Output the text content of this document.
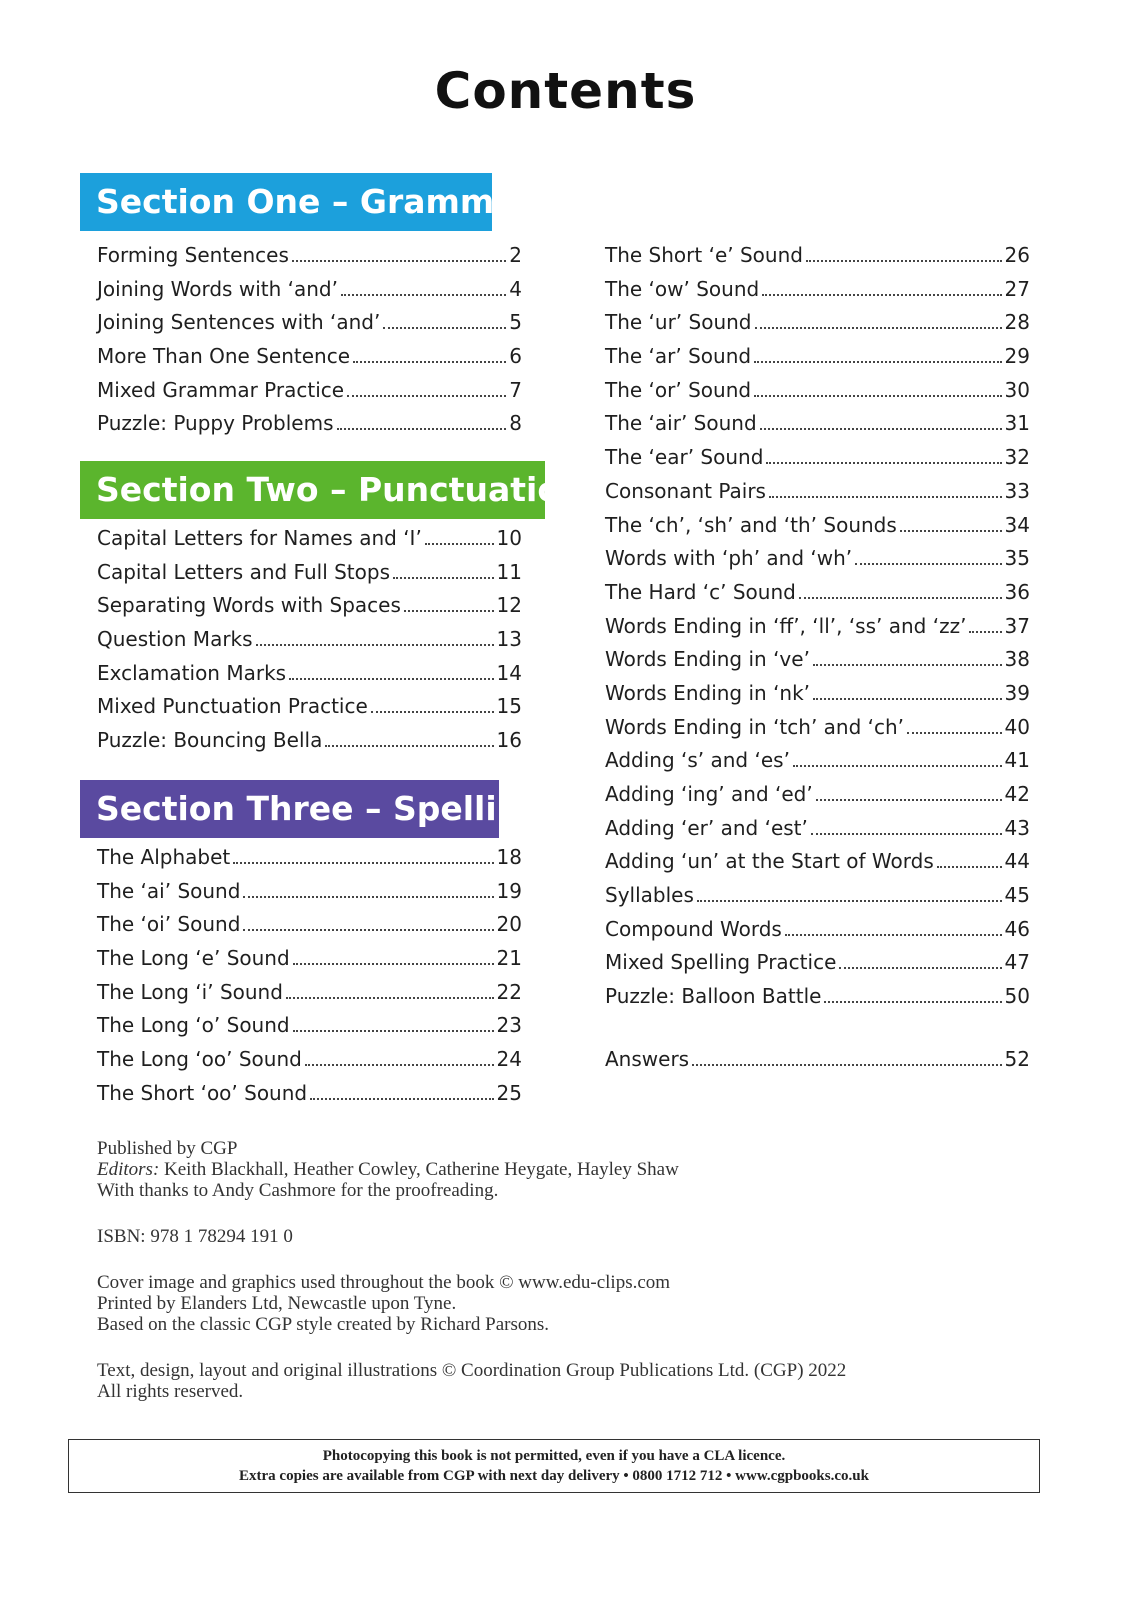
Contents
Section One – Grammar
Forming Sentences	2
Joining Words with ‘and’	4
Joining Sentences with ‘and’	5
More Than One Sentence	6
Mixed Grammar Practice	7
Puzzle: Puppy Problems	8
Section Two – Punctuation
Capital Letters for Names and ‘I’	10
Capital Letters and Full Stops	11
Separating Words with Spaces	12
Question Marks	13
Exclamation Marks	14
Mixed Punctuation Practice	15
Puzzle: Bouncing Bella	16
Section Three – Spelling
The Alphabet	18
The ‘ai’ Sound	19
The ‘oi’ Sound	20
The Long ‘e’ Sound	21
The Long ‘i’ Sound	22
The Long ‘o’ Sound	23
The Long ‘oo’ Sound	24
The Short ‘oo’ Sound	25
The Short ‘e’ Sound	26
The ‘ow’ Sound	27
The ‘ur’ Sound	28
The ‘ar’ Sound	29
The ‘or’ Sound	30
The ‘air’ Sound	31
The ‘ear’ Sound	32
Consonant Pairs	33
The ‘ch’, ‘sh’ and ‘th’ Sounds	34
Words with ‘ph’ and ‘wh’	35
The Hard ‘c’ Sound	36
Words Ending in ‘ff’, ‘ll’, ‘ss’ and ‘zz’ 37
Words Ending in ‘ve’	38
Words Ending in ‘nk’	39
Words Ending in ‘tch’ and ‘ch’	40
Adding ‘s’ and ‘es’	41
Adding ‘ing’ and ‘ed’	42
Adding ‘er’ and ‘est’	43
Adding ‘un’ at the Start of Words	44
Syllables	45
Compound Words	46
Mixed Spelling Practice	47
Puzzle: Balloon Battle	50
Answers	52
Published by CGP
Editors: Keith Blackhall, Heather Cowley, Catherine Heygate, Hayley Shaw
With thanks to Andy Cashmore for the proofreading.
ISBN: 978 1 78294 191 0
Cover image and graphics used throughout the book © www.edu-clips.com
Printed by Elanders Ltd, Newcastle upon Tyne.
Based on the classic CGP style created by Richard Parsons.
Text, design, layout and original illustrations © Coordination Group Publications Ltd. (CGP) 2022
All rights reserved.
Photocopying this book is not permitted, even if you have a CLA licence.
Extra copies are available from CGP with next day delivery • 0800 1712 712 • www.cgpbooks.co.uk
